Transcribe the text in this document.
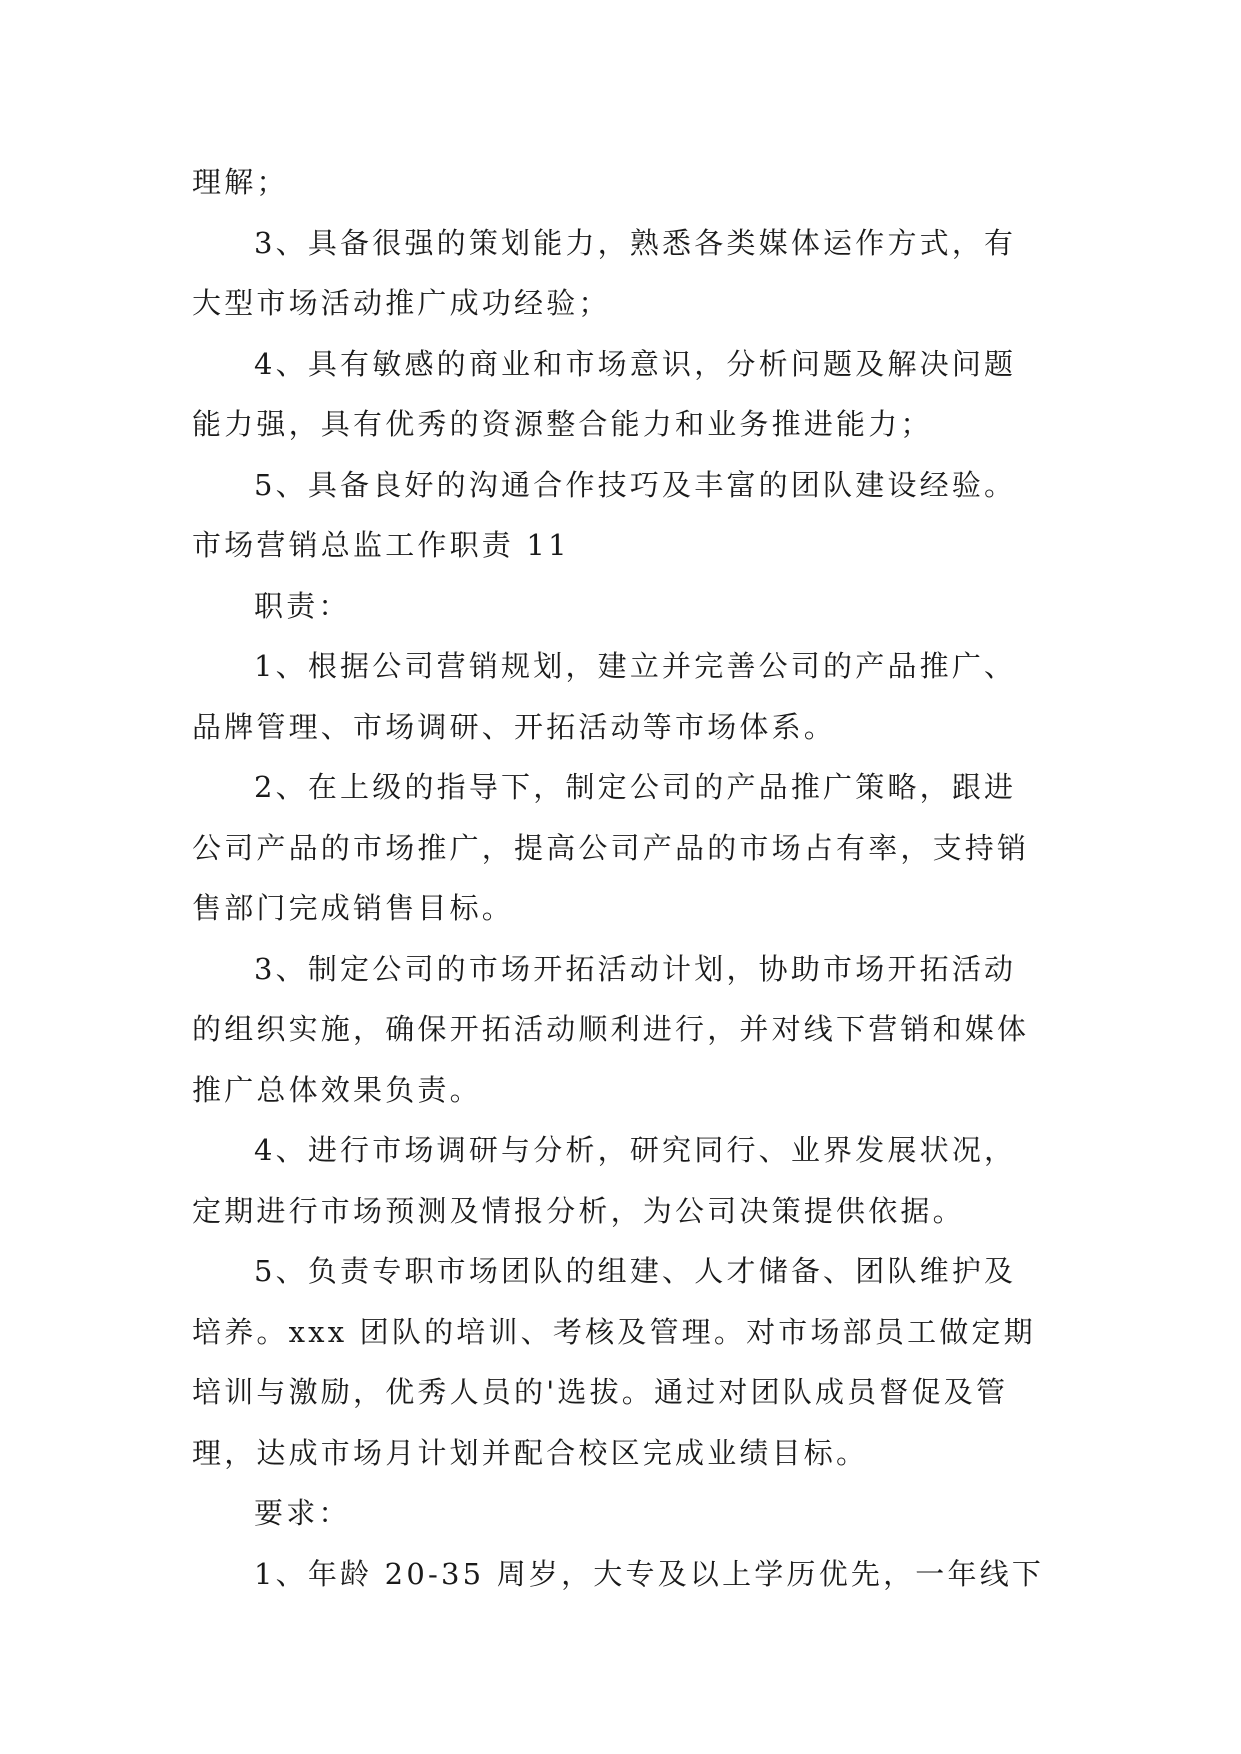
理解；

3、具备很强的策划能力，熟悉各类媒体运作方式，有

大型市场活动推广成功经验；

4、具有敏感的商业和市场意识，分析问题及解决问题

能力强，具有优秀的资源整合能力和业务推进能力；

5、具备良好的沟通合作技巧及丰富的团队建设经验。

市场营销总监工作职责 11

职责：

1、根据公司营销规划，建立并完善公司的产品推广、

品牌管理、市场调研、开拓活动等市场体系。

2、在上级的指导下，制定公司的产品推广策略，跟进

公司产品的市场推广，提高公司产品的市场占有率，支持销

售部门完成销售目标。

3、制定公司的市场开拓活动计划，协助市场开拓活动

的组织实施，确保开拓活动顺利进行，并对线下营销和媒体

推广总体效果负责。

4、进行市场调研与分析，研究同行、业界发展状况，

定期进行市场预测及情报分析，为公司决策提供依据。

5、负责专职市场团队的组建、人才储备、团队维护及

培养。xxx 团队的培训、考核及管理。对市场部员工做定期

培训与激励，优秀人员的'选拔。通过对团队成员督促及管

理，达成市场月计划并配合校区完成业绩目标。

要求：

1、年龄 20-35 周岁，大专及以上学历优先，一年线下
